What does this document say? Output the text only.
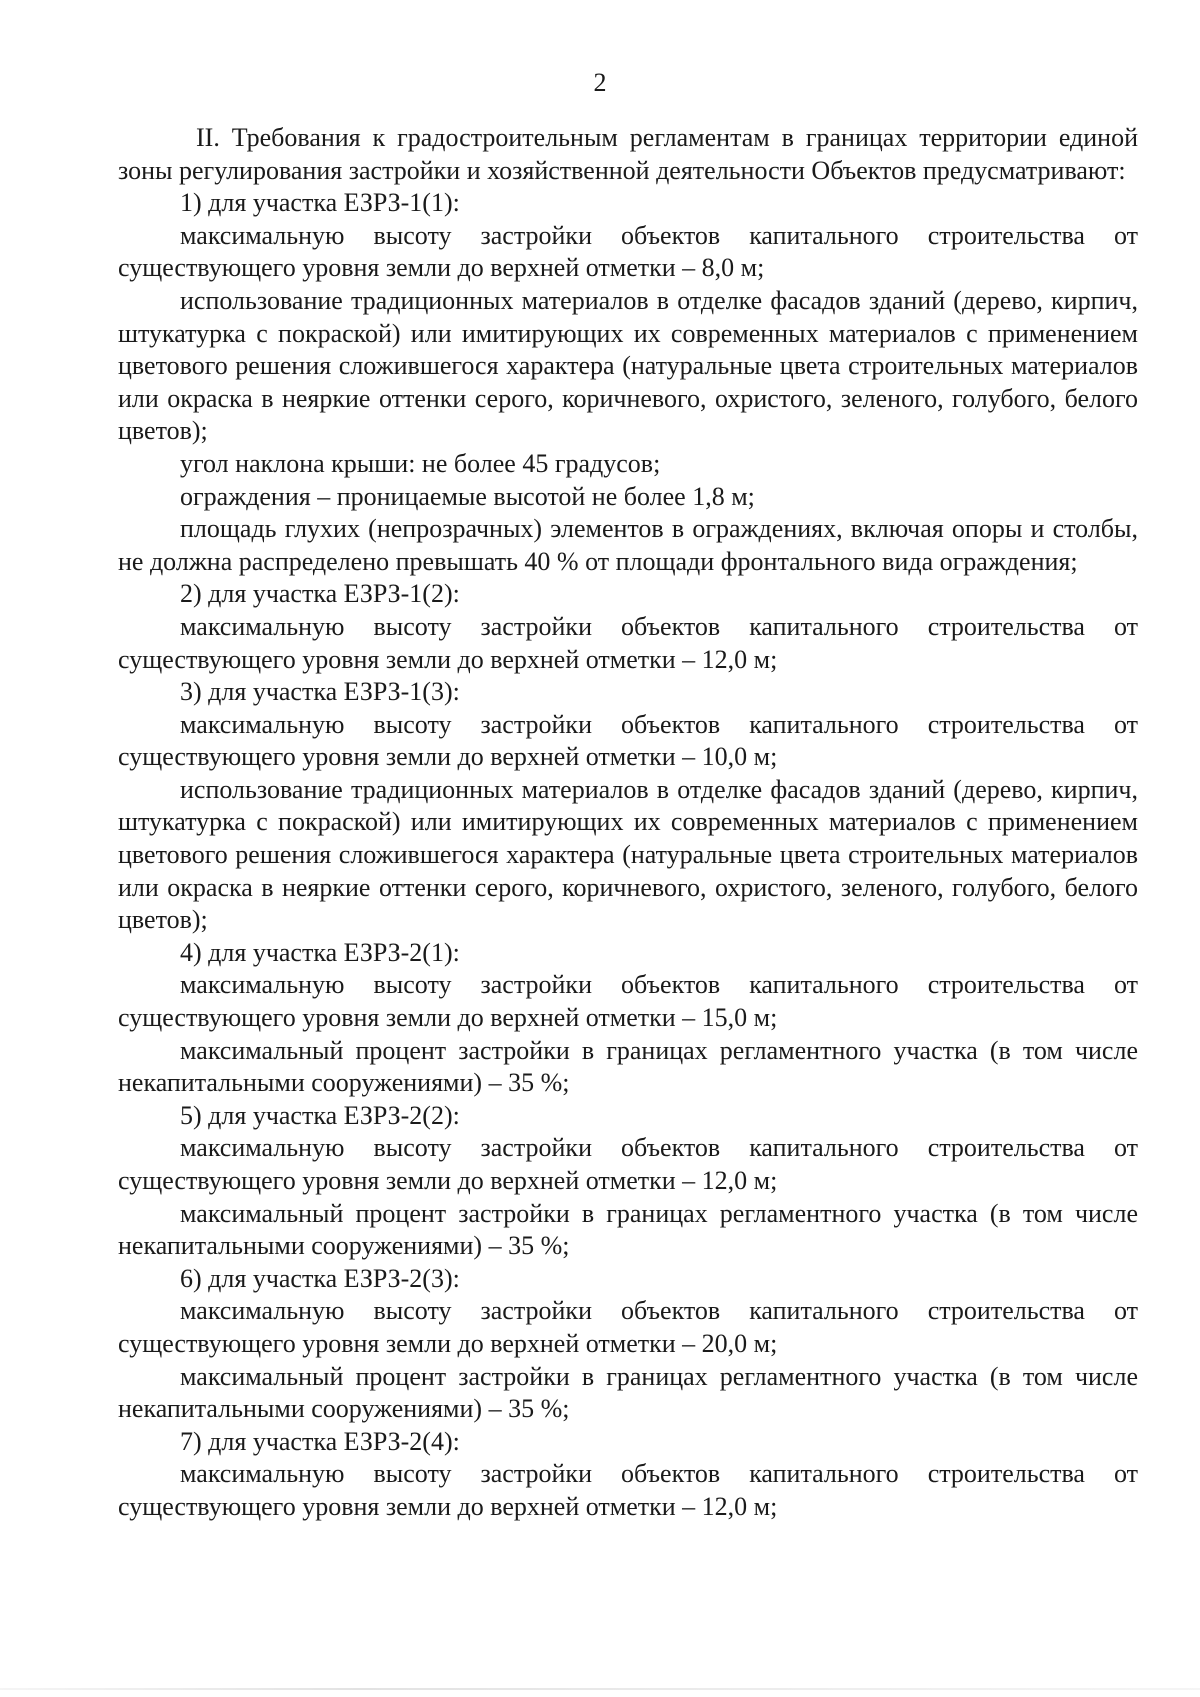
2

II. Требования к градостроительным регламентам в границах территории единой зоны регулирования застройки и хозяйственной деятельности Объектов предусматривают:

1) для участка ЕЗРЗ-1(1):

максимальную высоту застройки объектов капитального строительства от существующего уровня земли до верхней отметки – 8,0 м;

использование традиционных материалов в отделке фасадов зданий (дерево, кирпич, штукатурка с покраской) или имитирующих их современных материалов с применением цветового решения сложившегося характера (натуральные цвета строительных материалов или окраска в неяркие оттенки серого, коричневого, охристого, зеленого, голубого, белого цветов);

угол наклона крыши: не более 45 градусов;

ограждения – проницаемые высотой не более 1,8 м;

площадь глухих (непрозрачных) элементов в ограждениях, включая опоры и столбы, не должна распределено превышать 40 % от площади фронтального вида ограждения;

2) для участка ЕЗРЗ-1(2):

максимальную высоту застройки объектов капитального строительства от существующего уровня земли до верхней отметки – 12,0 м;

3) для участка ЕЗРЗ-1(3):

максимальную высоту застройки объектов капитального строительства от существующего уровня земли до верхней отметки – 10,0 м;

использование традиционных материалов в отделке фасадов зданий (дерево, кирпич, штукатурка с покраской) или имитирующих их современных материалов с применением цветового решения сложившегося характера (натуральные цвета строительных материалов или окраска в неяркие оттенки серого, коричневого, охристого, зеленого, голубого, белого цветов);

4) для участка ЕЗРЗ-2(1):

максимальную высоту застройки объектов капитального строительства от существующего уровня земли до верхней отметки – 15,0 м;

максимальный процент застройки в границах регламентного участка (в том числе некапитальными сооружениями) – 35 %;

5) для участка ЕЗРЗ-2(2):

максимальную высоту застройки объектов капитального строительства от существующего уровня земли до верхней отметки – 12,0 м;

максимальный процент застройки в границах регламентного участка (в том числе некапитальными сооружениями) – 35 %;

6) для участка ЕЗРЗ-2(3):

максимальную высоту застройки объектов капитального строительства от существующего уровня земли до верхней отметки – 20,0 м;

максимальный процент застройки в границах регламентного участка (в том числе некапитальными сооружениями) – 35 %;

7) для участка ЕЗРЗ-2(4):

максимальную высоту застройки объектов капитального строительства от существующего уровня земли до верхней отметки – 12,0 м;
